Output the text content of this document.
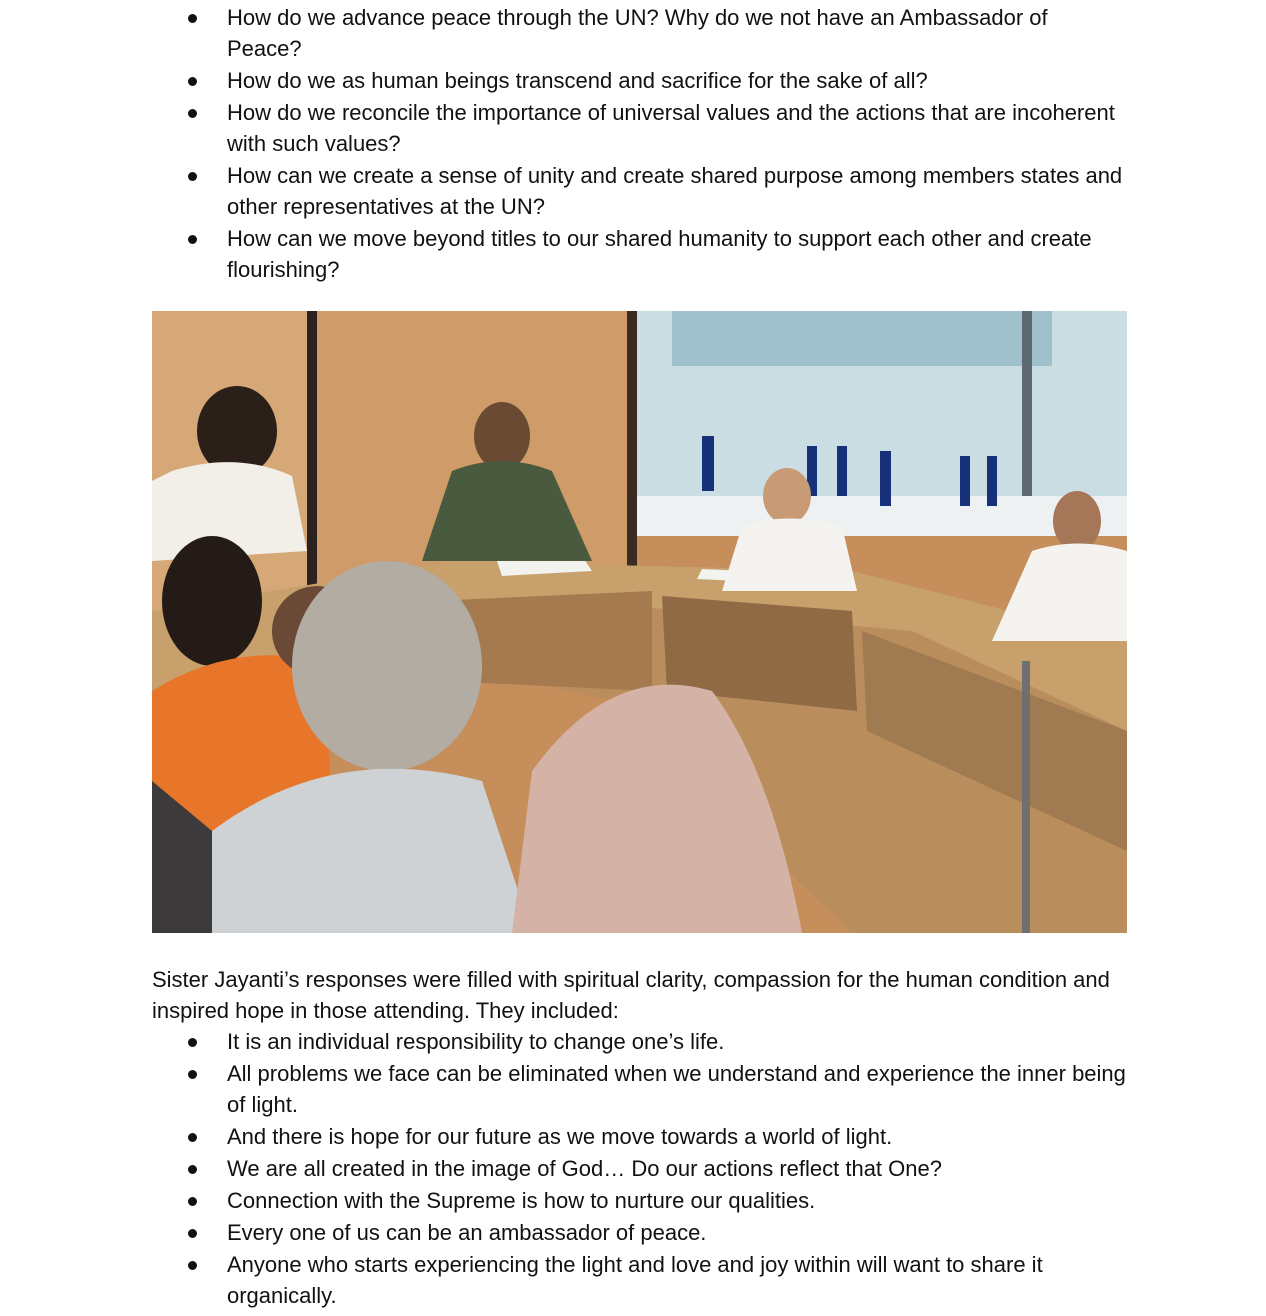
How do we advance peace through the UN? Why do we not have an Ambassador of Peace?
How do we as human beings transcend and sacrifice for the sake of all?
How do we reconcile the importance of universal values and the actions that are incoherent with such values?
How can we create a sense of unity and create shared purpose among members states and other representatives at the UN?
How can we move beyond titles to our shared humanity to support each other and create flourishing?

Sister Jayanti’s responses were filled with spiritual clarity, compassion for the human condition and inspired hope in those attending. They included:

It is an individual responsibility to change one’s life.
All problems we face can be eliminated when we understand and experience the inner being of light.
And there is hope for our future as we move towards a world of light.
We are all created in the image of God… Do our actions reflect that One?
Connection with the Supreme is how to nurture our qualities.
Every one of us can be an ambassador of peace.
Anyone who starts experiencing the light and love and joy within will want to share it organically.
